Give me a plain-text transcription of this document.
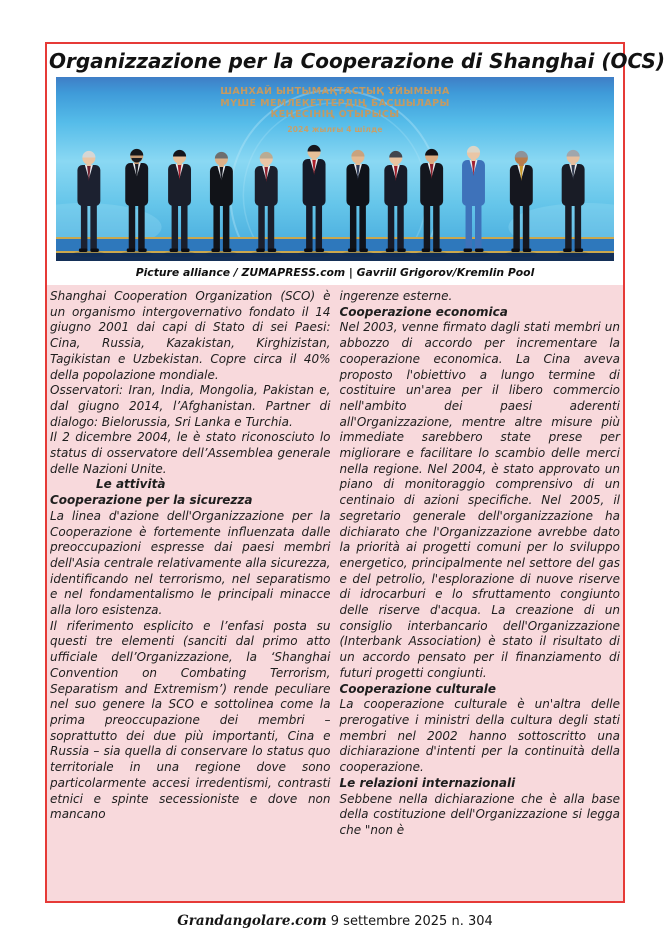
Organizzazione per la Cooperazione di Shanghai (OCS)
ШАНХАЙ ЫНТЫМАҚТАСТЫҚ ҰЙЫМЫНА
МҮШЕ МЕМЛЕКЕТТЕРДІҢ БАСШЫЛАРЫ
КЕҢЕСІНІҢ ОТЫРЫСЫ
2024 жылғы 4 шілде
Picture alliance / ZUMAPRESS.com | Gavriil Grigorov/Kremlin Pool

Shanghai Cooperation Organization (SCO) è un organismo intergovernativo fondato il 14 giugno 2001 dai capi di Stato di sei Paesi: Cina, Russia, Kazakistan, Kirghizistan, Tagikistan e Uzbekistan. Copre circa il 40% della popolazione mondiale.

Osservatori: Iran, India, Mongolia, Pakistan e, dal giugno 2014, l’Afghanistan. Partner di dialogo: Bielorussia, Sri Lanka e Turchia.

Il 2 dicembre 2004, le è stato riconosciuto lo status di osservatore dell’Assemblea generale delle Nazioni Unite.

Le attività

Cooperazione per la sicurezza

La linea d'azione dell'Organizzazione per la Cooperazione è fortemente influenzata dalle preoccupazioni espresse dai paesi membri dell'Asia centrale relativamente alla sicurezza, identificando nel terrorismo, nel separatismo e nel fondamentalismo le principali minacce alla loro esistenza.

Il riferimento esplicito e l’enfasi posta su questi tre elementi (sanciti dal primo atto ufficiale dell’Organizzazione, la ‘Shanghai Convention on Combating Terrorism, Separatism and Extremism’) rende peculiare nel suo genere la SCO e sottolinea come la prima preoccupazione dei membri – soprattutto dei due più importanti, Cina e Russia – sia quella di conservare lo status quo territoriale in una regione dove sono particolarmente accesi irredentismi, contrasti etnici e spinte secessioniste e dove non mancano

ingerenze esterne.

Cooperazione economica

Nel 2003, venne firmato dagli stati membri un abbozzo di accordo per incrementare la cooperazione economica. La Cina aveva proposto l'obiettivo a lungo termine di costituire un'area per il libero commercio nell'ambito dei paesi aderenti all'Organizzazione, mentre altre misure più immediate sarebbero state prese per migliorare e facilitare lo scambio delle merci nella regione. Nel 2004, è stato approvato un piano di monitoraggio comprensivo di un centinaio di azioni specifiche. Nel 2005, il segretario generale dell'organizzazione ha dichiarato che l'Organizzazione avrebbe dato la priorità ai progetti comuni per lo sviluppo energetico, principalmente nel settore del gas e del petrolio, l'esplorazione di nuove riserve di idrocarburi e lo sfruttamento congiunto delle riserve d'acqua. La creazione di un consiglio interbancario dell'Organizzazione (Interbank Association) è stato il risultato di un accordo pensato per il finanziamento di futuri progetti congiunti.

Cooperazione culturale

La cooperazione culturale è un'altra delle prerogative i ministri della cultura degli stati membri nel 2002 hanno sottoscritto una dichiarazione d'intenti per la continuità della cooperazione.

Le relazioni internazionali

Sebbene nella dichiarazione che è alla base della costituzione dell'Organizzazione si legga che "non è

Grandangolare.com 9 settembre 2025 n. 304
